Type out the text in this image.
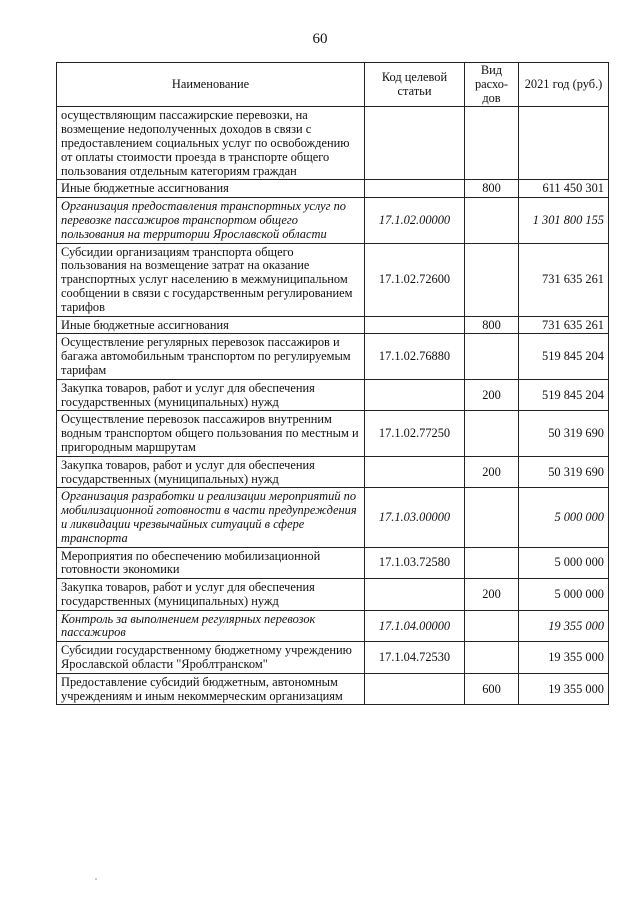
60
Наименование	Код целевой статьи	Вид расхо-дов	2021 год (руб.)
осуществляющим пассажирские перевозки, на возмещение недополученных доходов в связи с предоставлением социальных услуг по освобождению от оплаты стоимости проезда в транспорте общего пользования отдельным категориям граждан			
Иные бюджетные ассигнования		800	611 450 301
Организация предоставления транспортных услуг по перевозке пассажиров транспортом общего пользования на территории Ярославской области	17.1.02.00000		1 301 800 155
Субсидии организациям транспорта общего пользования на возмещение затрат на оказание транспортных услуг населению в межмуниципальном сообщении в связи с государственным регулированием тарифов	17.1.02.72600		731 635 261
Иные бюджетные ассигнования		800	731 635 261
Осуществление регулярных перевозок пассажиров и багажа автомобильным транспортом по регулируемым тарифам	17.1.02.76880		519 845 204
Закупка товаров, работ и услуг для обеспечения государственных (муниципальных) нужд		200	519 845 204
Осуществление перевозок пассажиров внутренним водным транспортом общего пользования по местным и пригородным маршрутам	17.1.02.77250		50 319 690
Закупка товаров, работ и услуг для обеспечения государственных (муниципальных) нужд		200	50 319 690
Организация разработки и реализации мероприятий по мобилизационной готовности в части предупреждения и ликвидации чрезвычайных ситуаций в сфере транспорта	17.1.03.00000		5 000 000
Мероприятия по обеспечению мобилизационной готовности экономики	17.1.03.72580		5 000 000
Закупка товаров, работ и услуг для обеспечения государственных (муниципальных) нужд		200	5 000 000
Контроль за выполнением регулярных перевозок пассажиров	17.1.04.00000		19 355 000
Субсидии государственному бюджетному учреждению Ярославской области "Яроблтранском"	17.1.04.72530		19 355 000
Предоставление субсидий бюджетным, автономным учреждениям и иным некоммерческим организациям		600	19 355 000
